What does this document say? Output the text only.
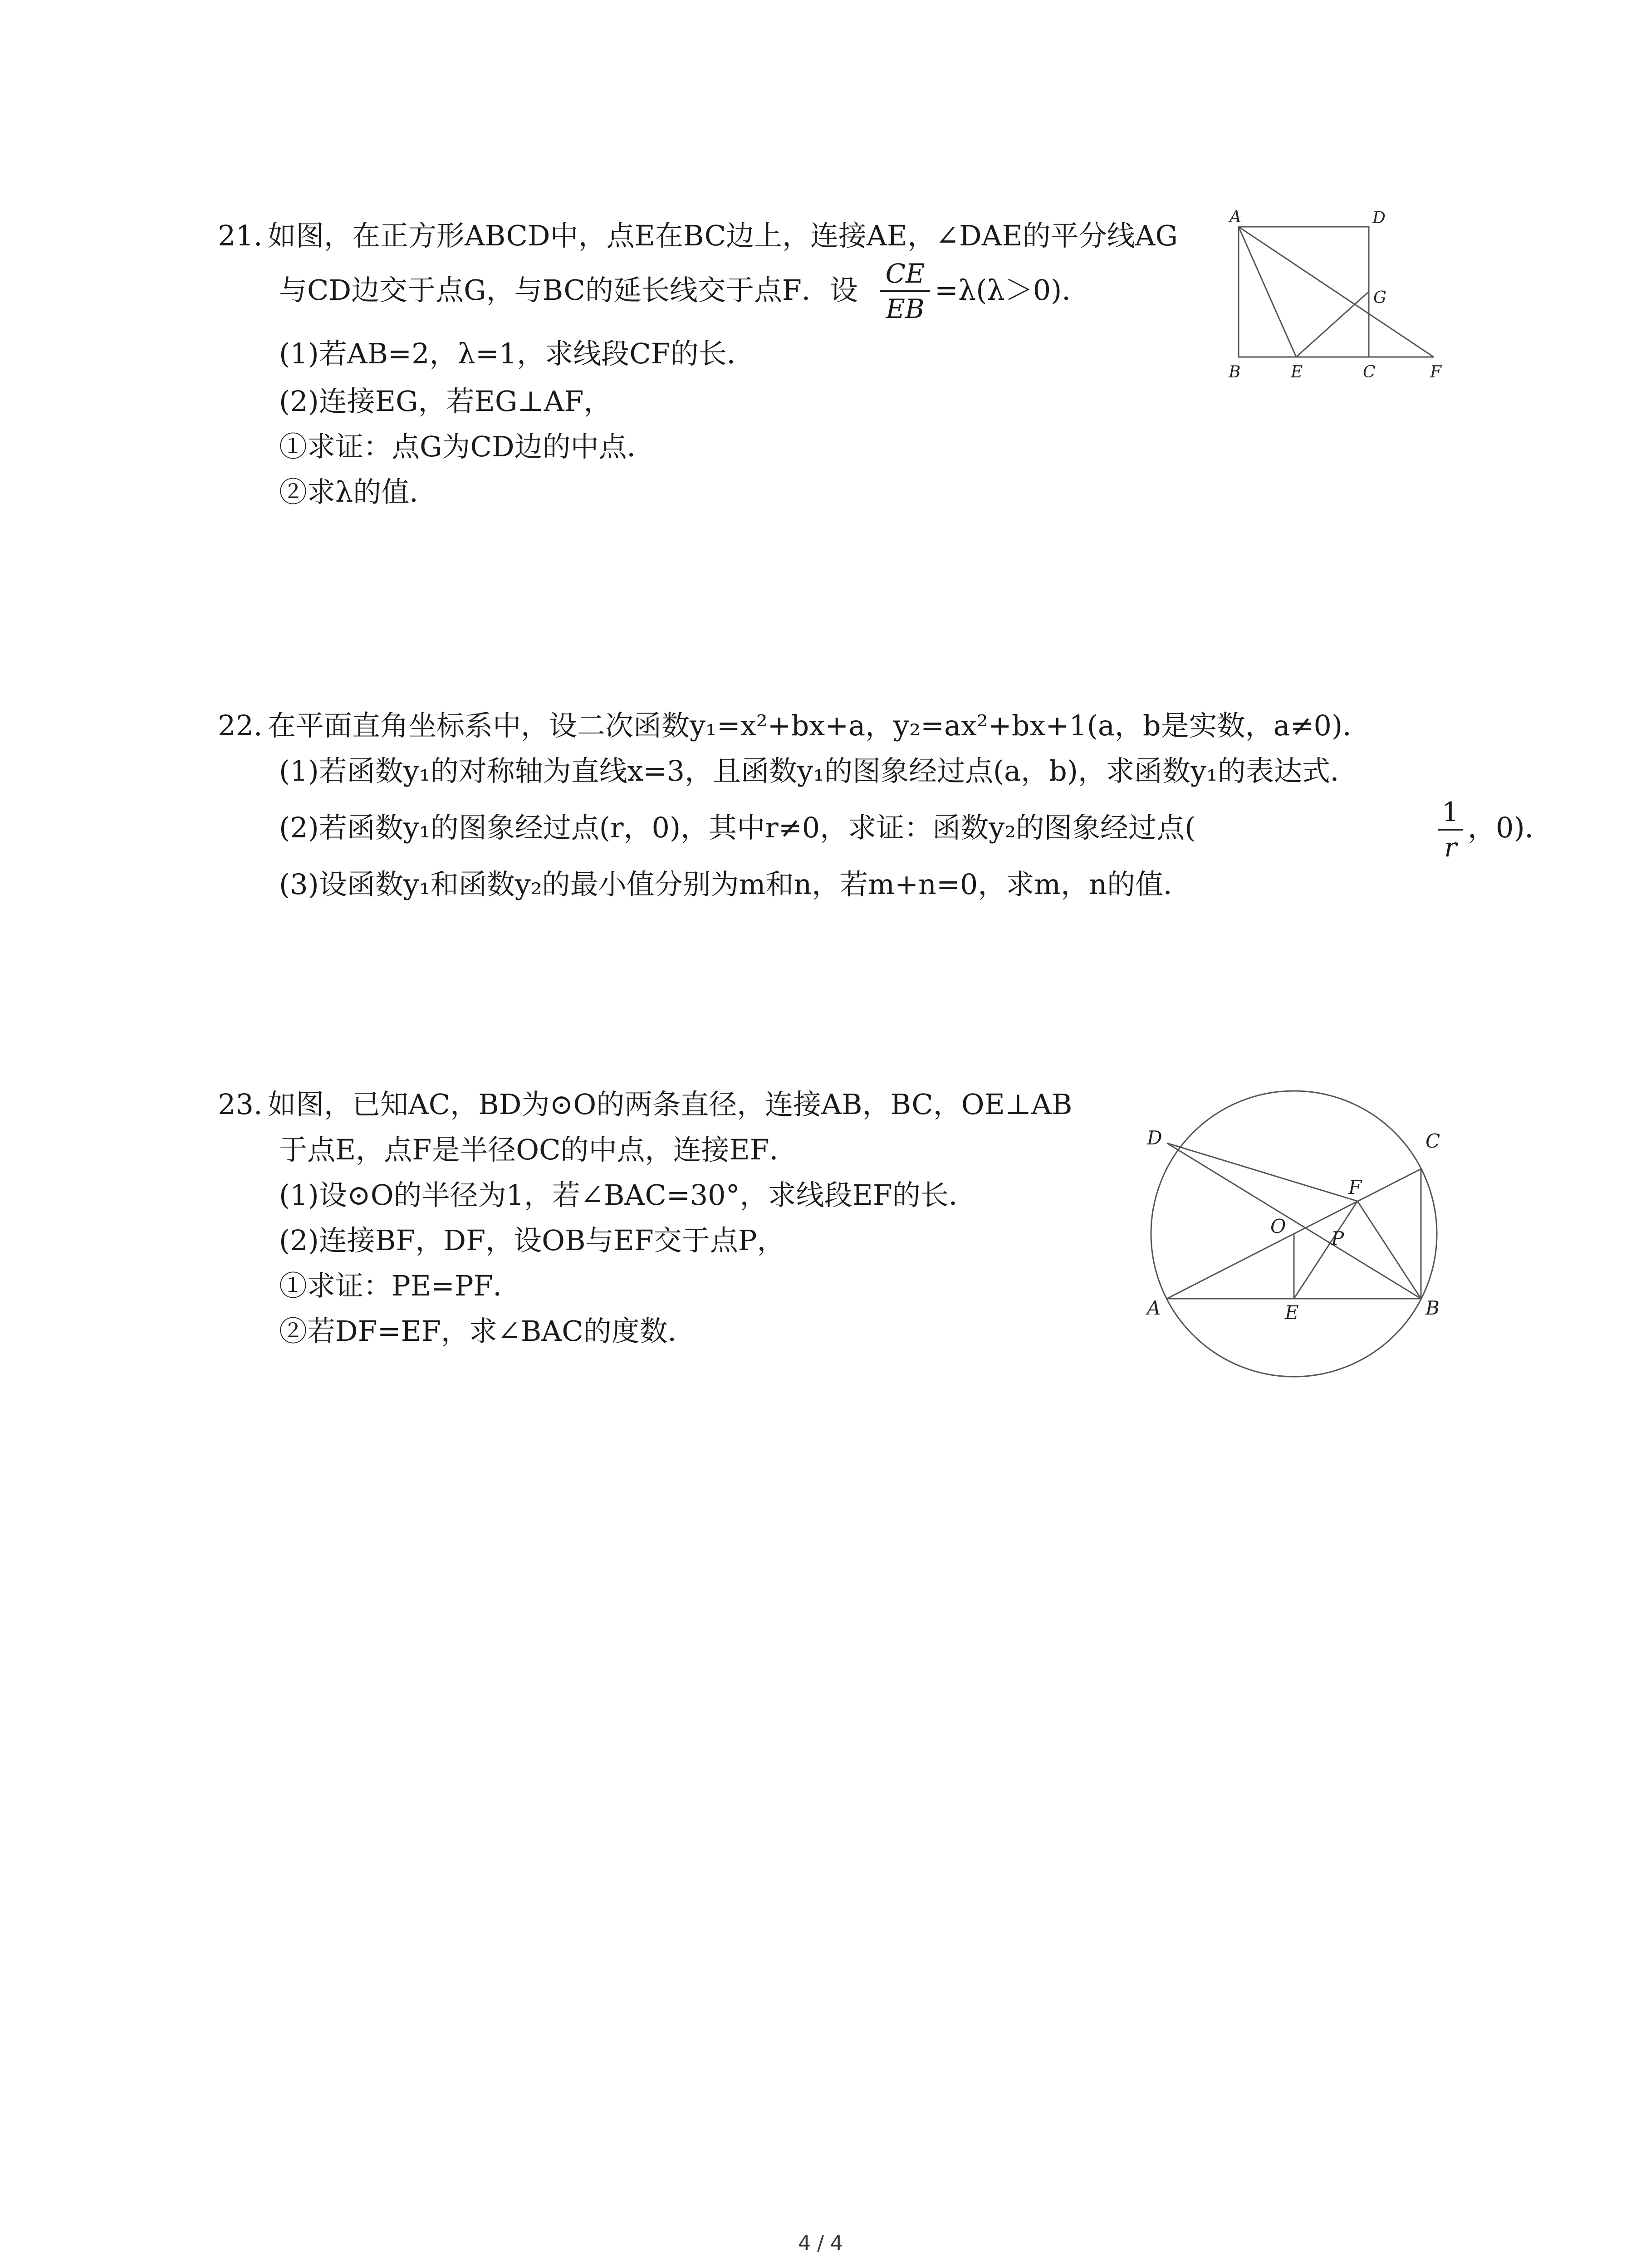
21. 如图，在正方形ABCD中，点E在BC边上，连接AE，∠DAE的平分线AG
与CD边交于点G，与BC的延长线交于点F．设 CE
EB
=λ(λ＞0)．
(1)若AB=2，λ=1，求线段CF的长．
(2)连接EG，若EG⊥AF，
①求证：点G为CD边的中点．
②求λ的值．
A	D
G
B	E	C	F
22. 在平面直角坐标系中，设二次函数y₁=x²+bx+a，y₂=ax²+bx+1(a，b是实数，a≠0)．
(1)若函数y₁的对称轴为直线x=3，且函数y₁的图象经过点(a，b)，求函数y₁的表达式．
(2)若函数y₁的图象经过点(r，0)，其中r≠0，求证：函数y₂的图象经过点(	1
r
，0)．
(3)设函数y₁和函数y₂的最小值分别为m和n，若m+n=0，求m，n的值．
23. 如图，已知AC，BD为⊙O的两条直径，连接AB，BC，OE⊥AB
于点E，点F是半径OC的中点，连接EF．
(1)设⊙O的半径为1，若∠BAC=30°，求线段EF的长．
(2)连接BF，DF，设OB与EF交于点P，
①求证：PE=PF．
②若DF=EF，求∠BAC的度数．
D	C
F
O
P
A	E	B
4 / 4
